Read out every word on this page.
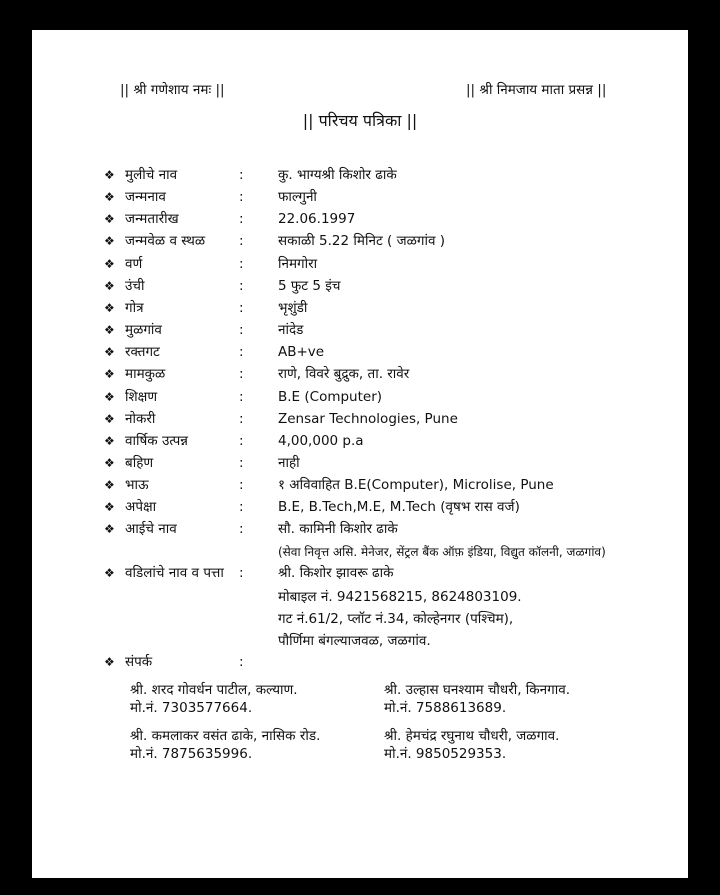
|| श्री गणेशाय नमः ||	|| श्री निमजाय माता प्रसन्न ||
|| परिचय पत्रिका ||
❖ मुलीचे नाव	:	कु. भाग्यश्री किशोर ढाके
❖ जन्मनाव	:	फाल्गुनी
❖ जन्मतारीख	:	22.06.1997
❖ जन्मवेळ व स्थळ	:	सकाळी 5.22 मिनिट ( जळगांव )
❖ वर्ण	:	निमगोरा
❖ उंची	:	5 फुट 5 इंच
❖ गोत्र	:	भृशुंडी
❖ मुळगांव	:	नांदेड
❖ रक्तगट	:	AB+ve
❖ मामकुळ	:	राणे, विवरे बुद्रुक, ता. रावेर
❖ शिक्षण	:	B.E (Computer)
❖ नोकरी	:	Zensar Technologies, Pune
❖ वार्षिक उत्पन्न	:	4,00,000 p.a
❖ बहिण	:	नाही
❖ भाऊ	:	१ अविवाहित B.E(Computer), Microlise, Pune
❖ अपेक्षा	:	B.E, B.Tech,M.E, M.Tech (वृषभ रास वर्ज)
❖ आईचे नाव	:	सौ. कामिनी किशोर ढाके
(सेवा निवृत्त असि. मेनेजर, सेंट्रल बैंक ऑफ़ इंडिया, विद्युत कॉलनी, जळगांव)
❖ वडिलांचे नाव व पत्ता :	श्री. किशोर झावरू ढाके
मोबाइल नं. 9421568215, 8624803109.
गट नं.61/2, प्लॉट नं.34, कोल्हेनगर (पश्चिम),
पौर्णिमा बंगल्याजवळ, जळगांव.
❖ संपर्क	:
श्री. शरद गोवर्धन पाटील, कल्याण.
मो.नं. 7303577664.
श्री. उल्हास घनश्याम चौधरी, किनगाव.
मो.नं. 7588613689.
श्री. कमलाकर वसंत ढाके, नासिक रोड.
मो.नं. 7875635996.
श्री. हेमचंद्र रघुनाथ चौधरी, जळगाव.
मो.नं. 9850529353.
